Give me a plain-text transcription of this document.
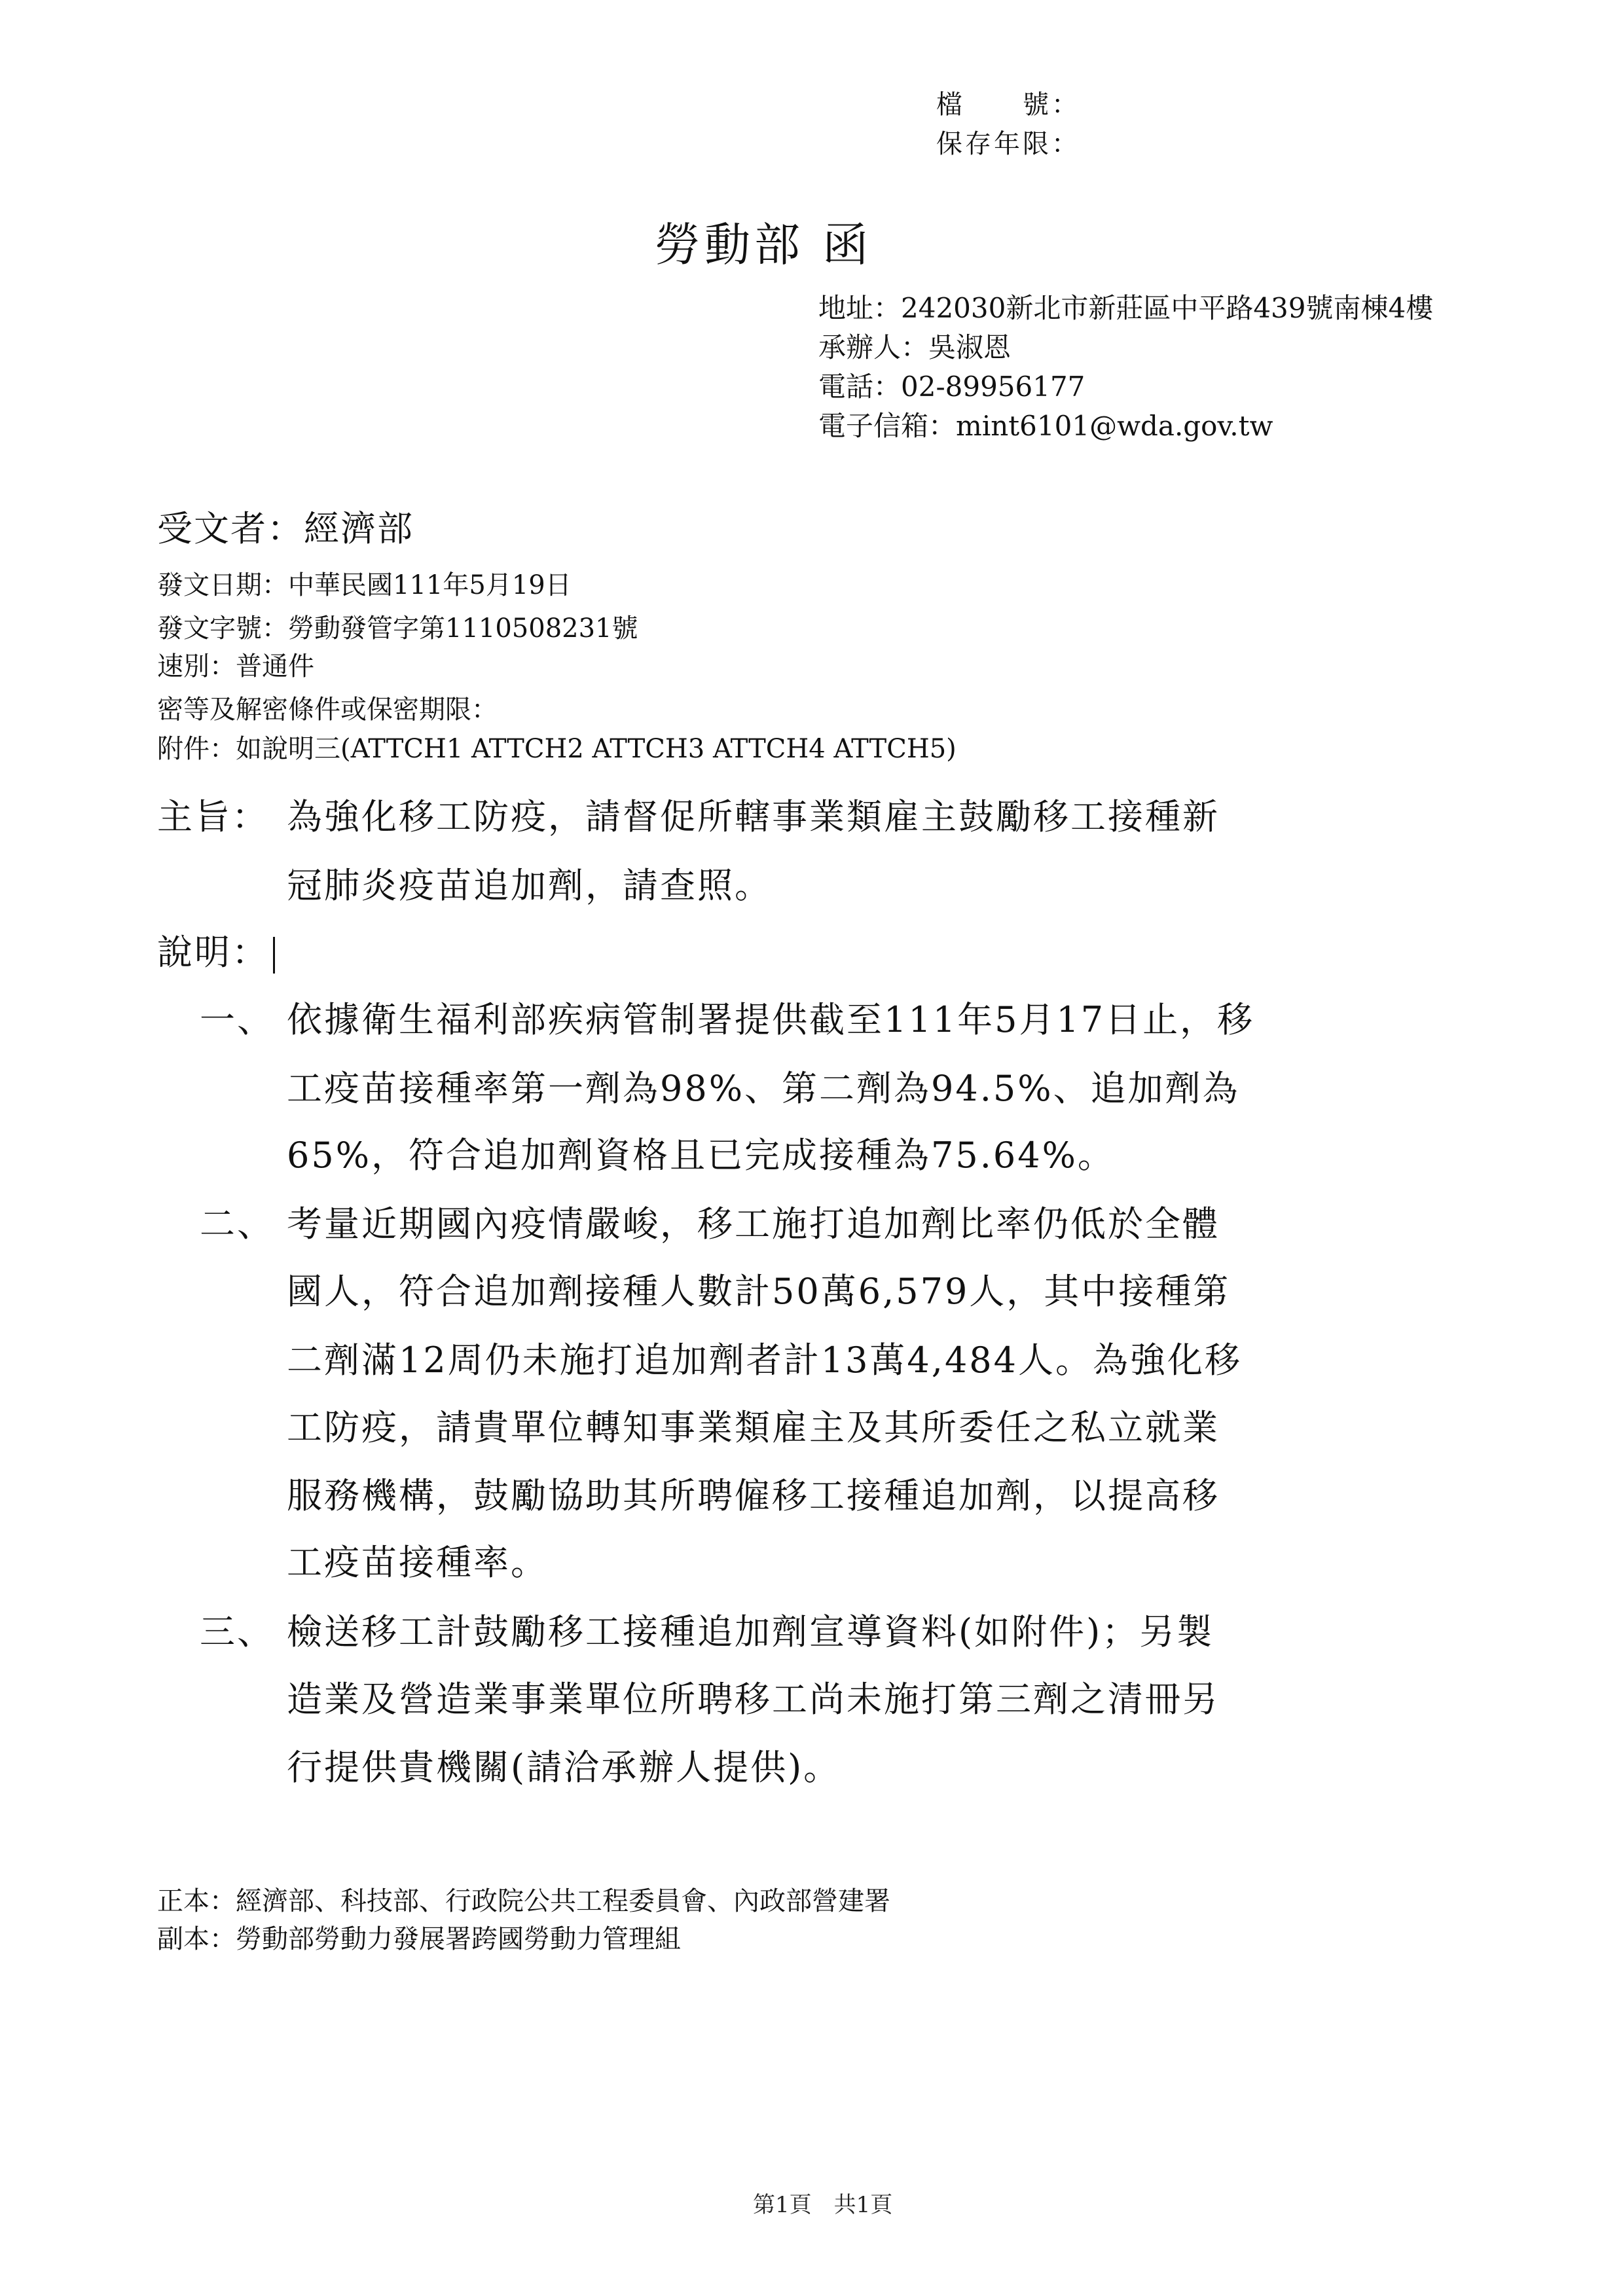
檔　　號：
保存年限：
勞動部 函
地址：242030新北市新莊區中平路439號南棟4樓
承辦人：吳淑恩
電話：02-89956177
電子信箱：mint6101@wda.gov.tw
受文者：經濟部
發文日期：中華民國111年5月19日
發文字號：勞動發管字第1110508231號
速別：普通件
密等及解密條件或保密期限：
附件：如說明三(ATTCH1 ATTCH2 ATTCH3 ATTCH4 ATTCH5)
主旨： 為強化移工防疫，請督促所轄事業類雇主鼓勵移工接種新
冠肺炎疫苗追加劑，請查照。
說明：
一、 依據衛生福利部疾病管制署提供截至111年5月17日止，移
工疫苗接種率第一劑為98%、第二劑為94.5%、追加劑為
65%，符合追加劑資格且已完成接種為75.64%。
二、 考量近期國內疫情嚴峻，移工施打追加劑比率仍低於全體
國人，符合追加劑接種人數計50萬6,579人，其中接種第
二劑滿12周仍未施打追加劑者計13萬4,484人。為強化移
工防疫，請貴單位轉知事業類雇主及其所委任之私立就業
服務機構，鼓勵協助其所聘僱移工接種追加劑，以提高移
工疫苗接種率。
三、 檢送移工計鼓勵移工接種追加劑宣導資料(如附件)；另製
造業及營造業事業單位所聘移工尚未施打第三劑之清冊另
行提供貴機關(請洽承辦人提供)。
正本：經濟部、科技部、行政院公共工程委員會、內政部營建署
副本：勞動部勞動力發展署跨國勞動力管理組
第1頁　共1頁
